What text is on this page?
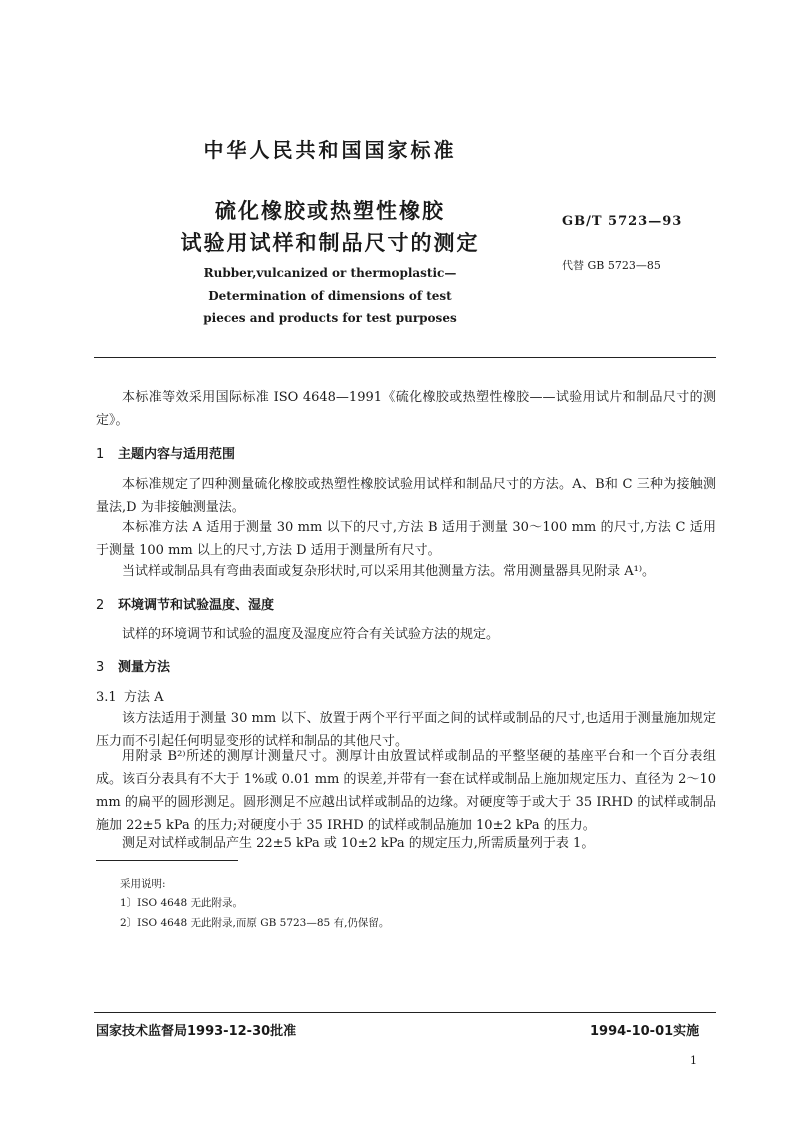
中华人民共和国国家标准
硫化橡胶或热塑性橡胶
试验用试样和制品尺寸的测定
GB/T 5723—93
代替 GB 5723—85
Rubber,vulcanized or thermoplastic—
Determination of dimensions of test
pieces and products for test purposes
本标准等效采用国际标准 ISO 4648—1991《硫化橡胶或热塑性橡胶——试验用试片和制品尺寸的测定》。
1 主题内容与适用范围
本标准规定了四种测量硫化橡胶或热塑性橡胶试验用试样和制品尺寸的方法。A、B和 C 三种为接触测量法,D 为非接触测量法。
本标准方法 A 适用于测量 30 mm 以下的尺寸,方法 B 适用于测量 30～100 mm 的尺寸,方法 C 适用于测量 100 mm 以上的尺寸,方法 D 适用于测量所有尺寸。
当试样或制品具有弯曲表面或复杂形状时,可以采用其他测量方法。常用测量器具见附录 A¹⁾。
2 环境调节和试验温度、湿度
试样的环境调节和试验的温度及湿度应符合有关试验方法的规定。
3 测量方法
3.1 方法 A
该方法适用于测量 30 mm 以下、放置于两个平行平面之间的试样或制品的尺寸,也适用于测量施加规定压力而不引起任何明显变形的试样和制品的其他尺寸。
用附录 B²⁾所述的测厚计测量尺寸。测厚计由放置试样或制品的平整坚硬的基座平台和一个百分表组成。该百分表具有不大于 1%或 0.01 mm 的误差,并带有一套在试样或制品上施加规定压力、直径为 2～10 mm 的扁平的圆形测足。圆形测足不应越出试样或制品的边缘。对硬度等于或大于 35 IRHD 的试样或制品施加 22±5 kPa 的压力;对硬度小于 35 IRHD 的试样或制品施加 10±2 kPa 的压力。
测足对试样或制品产生 22±5 kPa 或 10±2 kPa 的规定压力,所需质量列于表 1。
采用说明:
1〕ISO 4648 无此附录。
2〕ISO 4648 无此附录,而原 GB 5723—85 有,仍保留。
国家技术监督局1993-12-30批准	1994-10-01实施
1
